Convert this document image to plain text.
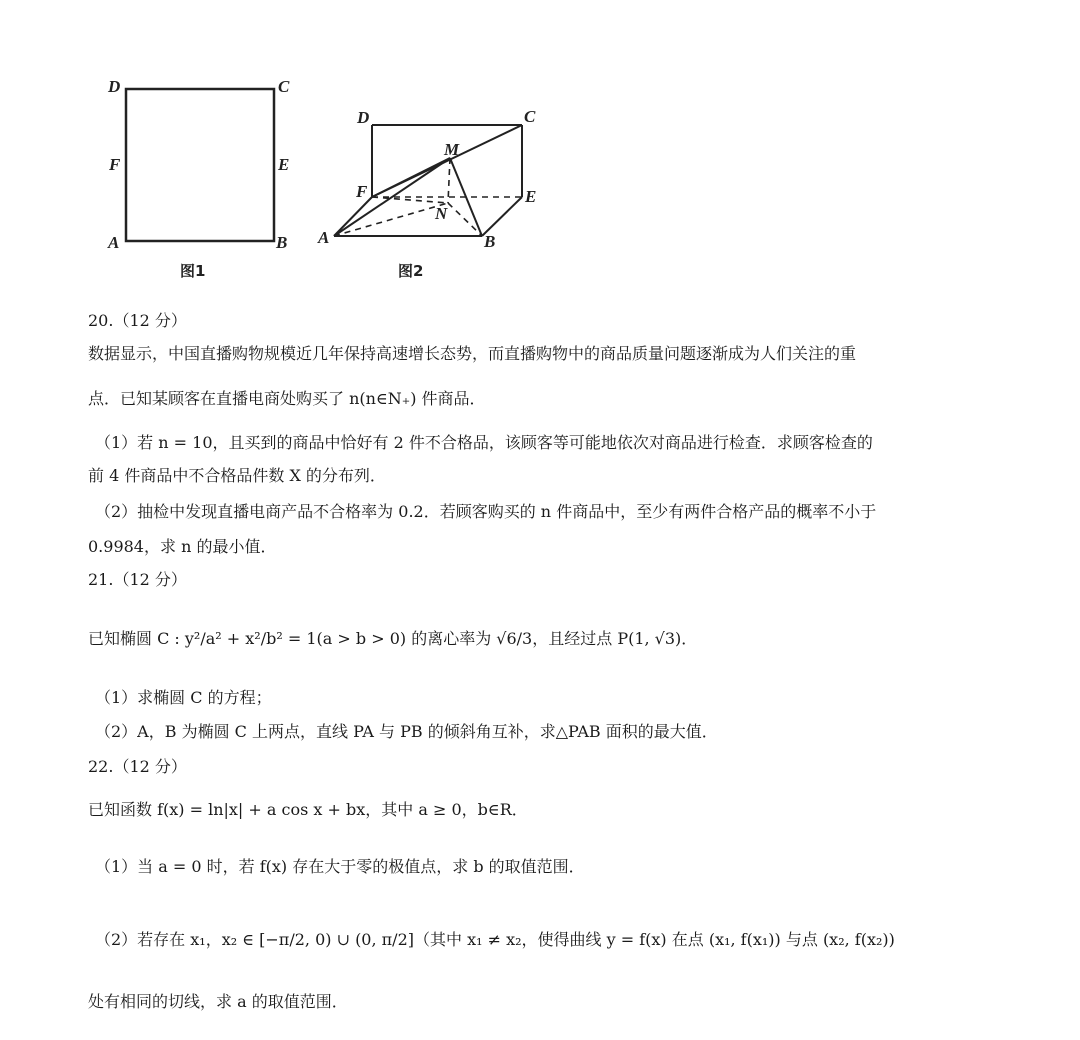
D	C
F	E
A	B
图1
D	C
M
F	E
N
A	B
图2
20.（12 分）
数据显示，中国直播购物规模近几年保持高速增长态势，而直播购物中的商品质量问题逐渐成为人们关注的重
点．已知某顾客在直播电商处购买了 n(n∈N₊) 件商品．
（1）若 n = 10，且买到的商品中恰好有 2 件不合格品，该顾客等可能地依次对商品进行检查．求顾客检查的
前 4 件商品中不合格品件数 X 的分布列．
（2）抽检中发现直播电商产品不合格率为 0.2．若顾客购买的 n 件商品中，至少有两件合格产品的概率不小于
0.9984，求 n 的最小值．
21.（12 分）
已知椭圆 C : y²/a² + x²/b² = 1(a > b > 0) 的离心率为 √6/3，且经过点 P(1, √3)．
（1）求椭圆 C 的方程；
（2）A，B 为椭圆 C 上两点，直线 PA 与 PB 的倾斜角互补，求△PAB 面积的最大值．
22.（12 分）
已知函数 f(x) = ln|x| + a cos x + bx，其中 a ≥ 0，b∈R．
（1）当 a = 0 时，若 f(x) 存在大于零的极值点，求 b 的取值范围．
（2）若存在 x₁，x₂ ∈ [−π/2, 0) ∪ (0, π/2]（其中 x₁ ≠ x₂，使得曲线 y = f(x) 在点 (x₁, f(x₁)) 与点 (x₂, f(x₂))
处有相同的切线，求 a 的取值范围．
